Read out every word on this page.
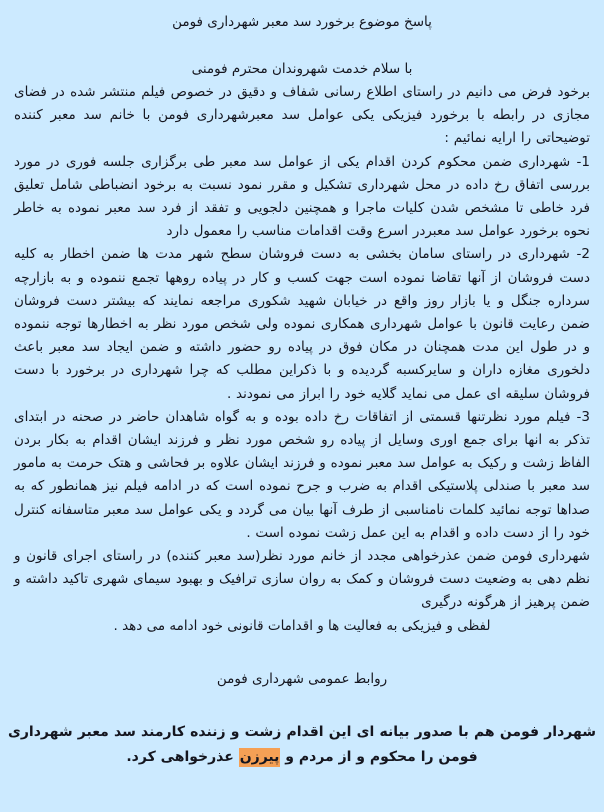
پاسخ موضوع برخورد سد معبر شهرداری فومن

با سلام خدمت شهروندان محترم فومنی

برخود فرض می دانیم در راستای اطلاع رسانی شفاف و دقیق در خصوص فیلم منتشر شده در فضای مجازی در رابطه با برخورد فیزیکی یکی عوامل سد معبرشهرداری فومن با خانم سد معبر کننده توضیحاتی را ارایه نمائیم :

1- شهرداری ضمن محکوم کردن اقدام یکی از عوامل سد معبر طی برگزاری جلسه فوری در مورد بررسی اتفاق رخ داده در محل شهرداری تشکیل و مقرر نمود نسبت به برخود انضباطی شامل تعلیق فرد خاطی تا مشخص شدن کلیات ماجرا و همچنین دلجویی و تفقد از فرد سد معبر نموده به خاطر نحوه برخورد عوامل سد معبردر اسرع وقت اقدامات مناسب را معمول دارد

2- شهرداری در راستای سامان بخشی به دست فروشان سطح شهر مدت ها ضمن اخطار به کلیه دست فروشان از آنها تقاضا نموده است جهت کسب و کار در پیاده روهها تجمع ننموده و به بازارچه سرداره جنگل و یا بازار روز واقع در خیابان شهید شکوری مراجعه نمایند که بیشتر دست فروشان ضمن رعایت قانون با عوامل شهرداری همکاری نموده ولی شخص مورد نظر به اخطارها توجه ننموده و در طول این مدت همچنان در مکان فوق در پیاده رو حضور داشته و ضمن ایجاد سد معبر باعث دلخوری مغازه داران و سایرکسبه گردیده و با ذکراین مطلب که چرا شهرداری در برخورد با دست فروشان سلیقه ای عمل می نماید گلایه خود را ابراز می نمودند .

3- فیلم مورد نظرتنها قسمتی از اتفاقات رخ داده بوده و به گواه شاهدان حاضر در صحنه در ابتدای تذکر به انها برای جمع اوری وسایل از پیاده رو شخص مورد نظر و فرزند ایشان اقدام به بکار بردن الفاظ زشت و رکیک به عوامل سد معبر نموده و فرزند ایشان علاوه بر فحاشی و هتک حرمت به مامور سد معبر با صندلی پلاستیکی اقدام به ضرب و جرح نموده است که در ادامه فیلم نیز همانطور که به صداها توجه نمائید کلمات نامناسبی از طرف آنها بیان می گردد و یکی عوامل سد معبر متاسفانه کنترل خود را از دست داده و اقدام به این عمل زشت نموده است .

شهرداری فومن ضمن عذرخواهی مجدد از خانم مورد نظر(سد معبر کننده) در راستای اجرای قانون و نظم دهی به وضعیت دست فروشان و کمک به روان سازی ترافیک و بهبود سیمای شهری تاکید داشته و ضمن پرهیز از هرگونه درگیری

لفظی و فیزیکی به فعالیت ها و اقدامات قانونی خود ادامه می دهد .

روابط عمومی شهرداری فومن

شهردار فومن هم با صدور بیانه ای این اقدام زشت و زننده کارمند سد معبر شهرداری فومن را محکوم و از مردم و پیرزن عذرخواهی کرد.
